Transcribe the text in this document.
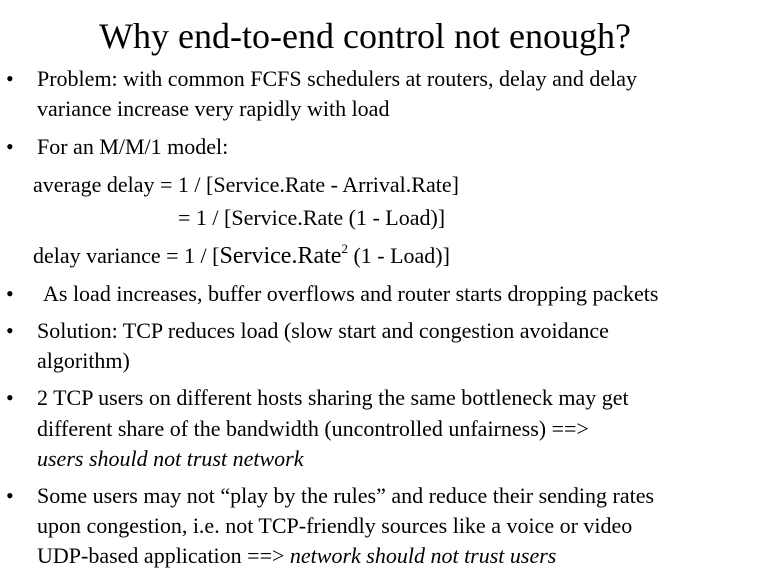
Why end-to-end control not enough?
• Problem: with common FCFS schedulers at routers, delay and delay
variance increase very rapidly with load
• For an M/M/1 model:
average delay = 1 / [Service.Rate - Arrival.Rate]
= 1 / [Service.Rate (1 - Load)]
delay variance = 1 / [Service.Rate$^2$ (1 - Load)]
• As load increases, buffer overflows and router starts dropping packets
• Solution: TCP reduces load (slow start and congestion avoidance
algorithm)
• 2 TCP users on different hosts sharing the same bottleneck may get
different share of the bandwidth (uncontrolled unfairness) ==>
users should not trust network
• Some users may not “play by the rules” and reduce their sending rates
upon congestion, i.e. not TCP-friendly sources like a voice or video
UDP-based application ==> network should not trust users
